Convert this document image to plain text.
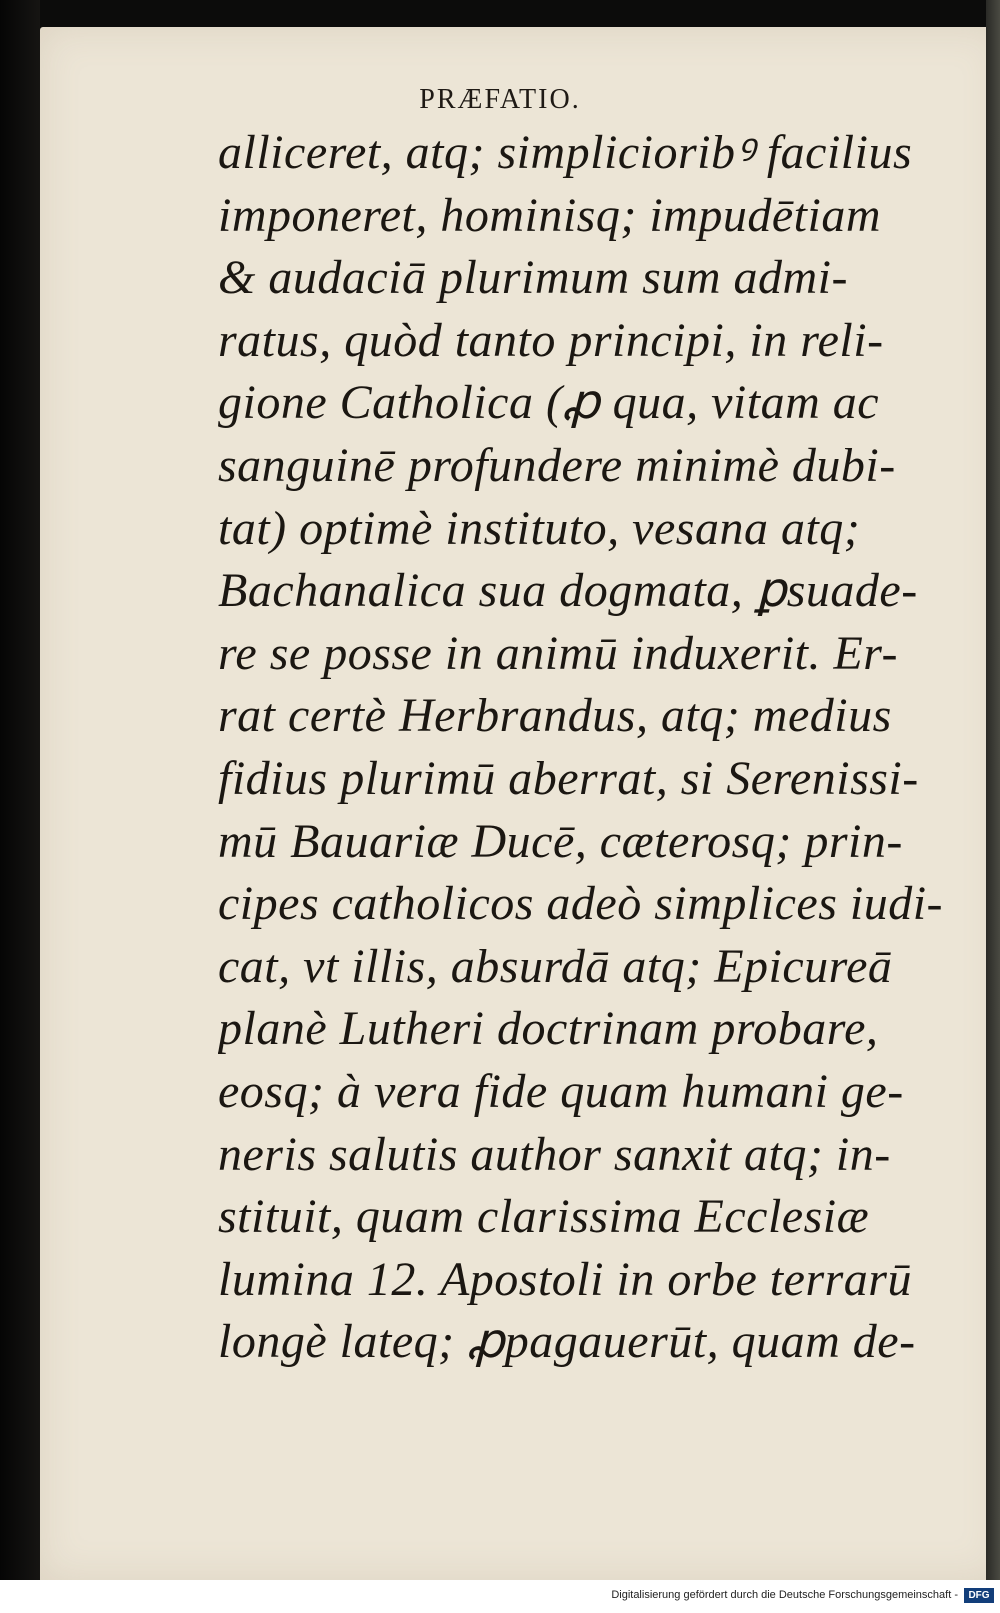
PRÆFATIO.
alliceret, atq; simplicioribꝰ facilius
imponeret, hominisq; impudētiam
& audaciā plurimum sum admi-
ratus, quòd tanto principi, in reli-
gione Catholica (ꝓ qua, vitam ac
sanguinē profundere minimè dubi-
tat) optimè instituto, vesana atq;
Bachanalica sua dogmata, ꝑsuade-
re se posse in animū induxerit. Er-
rat certè Herbrandus, atq; medius
fidius plurimū aberrat, si Serenissi-
mū Bauariæ Ducē, cæterosq; prin-
cipes catholicos adeò simplices iudi-
cat, vt illis, absurdā atq; Epicureā
planè Lutheri doctrinam probare,
eosq; à vera fide quam humani ge-
neris salutis author sanxit atq; in-
stituit, quam clarissima Ecclesiæ
lumina 12. Apostoli in orbe terrarū
longè lateq; ꝓpagauerūt, quam de-
Digitalisierung gefördert durch die Deutsche Forschungsgemeinschaft -	DFG
